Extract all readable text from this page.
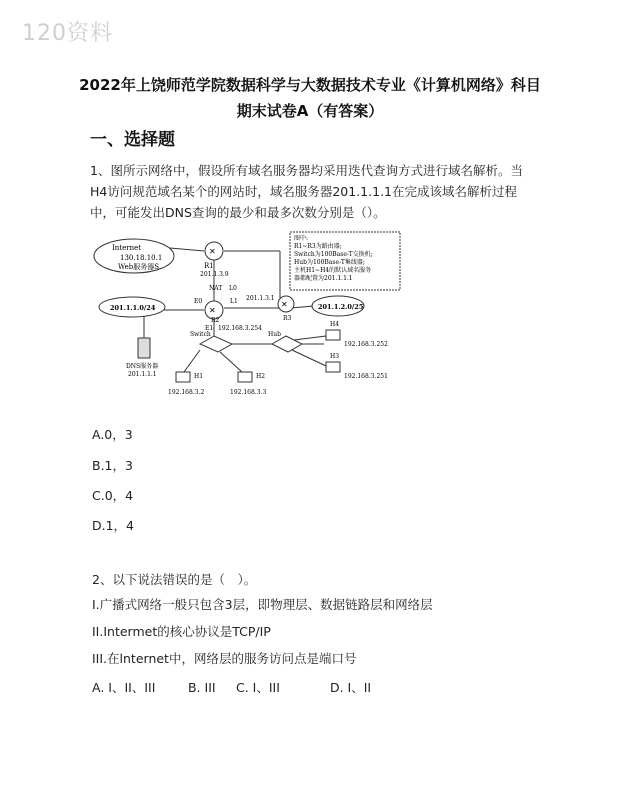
120资料
2022年上饶师范学院数据科学与大数据技术专业《计算机网络》科目
期末试卷A（有答案）
一、选择题
1、图所示网络中，假设所有域名服务器均采用迭代查询方式进行域名解析。当H4访问规范域名某个的网站时，域名服务器201.1.1.1在完成该域名解析过程中，可能发出DNS查询的最少和最多次数分别是（）。
Internet
130.18.10.1
Web服务器S
✕
R1
201.1.3.9
图中:
R1~R3为路由器;
Switch为100Base-T交换机;
Hub为100Base-T集线器;
主机H1~H4的默认域名服务
器都配置为201.1.1.1
NAT L0
E0	L1
✕
R2
E1 192.168.3.254
✕
201.1.3.1
R3
201.1.1.0/24	201.1.2.0/25
DNS服务器
201.1.1.1
Switch	Hub
H1
192.168.3.2
H2
192.168.3.3
H4
192.168.3.252
H3
192.168.3.251
A.0，3
B.1，3
C.0，4
D.1，4
2、以下说法错误的是（　）。
I.广播式网络一般只包含3层，即物理层、数据链路层和网络层
II.Intermet的核心协议是TCP/IP
III.在lnternet中，网络层的服务访问点是端口号
A. I、II、III	B. III C. I、III	D. I、II
